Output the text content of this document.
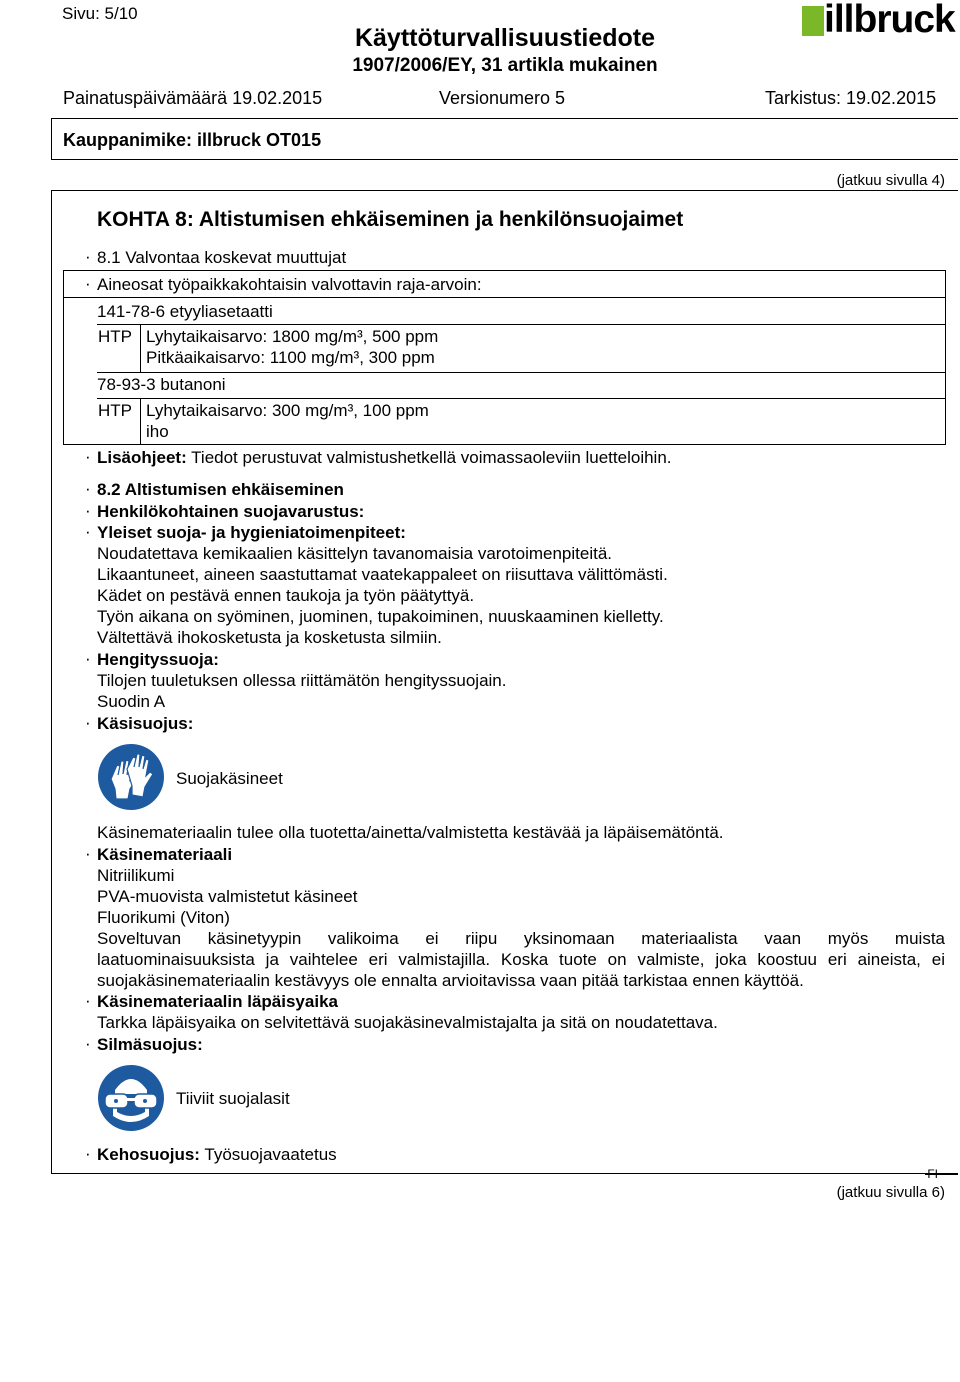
Sivu: 5/10
Käyttöturvallisuustiedote
1907/2006/EY, 31 artikla mukainen
illbruck
Painatuspäivämäärä 19.02.2015	Versionumero 5	Tarkistus: 19.02.2015
Kauppanimike: illbruck OT015
(jatkuu sivulla 4)
KOHTA 8: Altistumisen ehkäiseminen ja henkilönsuojaimet
· 8.1 Valvontaa koskevat muuttujat
· Aineosat työpaikkakohtaisin valvottavin raja-arvoin:
141-78-6 etyyliasetaatti
HTP Lyhytaikaisarvo: 1800 mg/m³, 500 ppm
Pitkäaikaisarvo: 1100 mg/m³, 300 ppm
78-93-3 butanoni
HTP Lyhytaikaisarvo: 300 mg/m³, 100 ppm
iho
· Lisäohjeet: Tiedot perustuvat valmistushetkellä voimassaoleviin luetteloihin.
· 8.2 Altistumisen ehkäiseminen
· Henkilökohtainen suojavarustus:
· Yleiset suoja- ja hygieniatoimenpiteet:
Noudatettava kemikaalien käsittelyn tavanomaisia varotoimenpiteitä.
Likaantuneet, aineen saastuttamat vaatekappaleet on riisuttava välittömästi.
Kädet on pestävä ennen taukoja ja työn päätyttyä.
Työn aikana on syöminen, juominen, tupakoiminen, nuuskaaminen kielletty.
Vältettävä ihokosketusta ja kosketusta silmiin.
· Hengityssuoja:
Tilojen tuuletuksen ollessa riittämätön hengityssuojain.
Suodin A
· Käsisuojus:
Suojakäsineet
Käsinemateriaalin tulee olla tuotetta/ainetta/valmistetta kestävää ja läpäisemätöntä.
· Käsinemateriaali
Nitriilikumi
PVA-muovista valmistetut käsineet
Fluorikumi (Viton)
Soveltuvan käsinetyypin valikoima ei riipu yksinomaan materiaalista vaan myös muista
laatuominaisuuksista ja vaihtelee eri valmistajilla. Koska tuote on valmiste, joka koostuu eri aineista, ei
suojakäsinemateriaalin kestävyys ole ennalta arvioitavissa vaan pitää tarkistaa ennen käyttöä.
· Käsinemateriaalin läpäisyaika
Tarkka läpäisyaika on selvitettävä suojakäsinevalmistajalta ja sitä on noudatettava.
· Silmäsuojus:
Tiiviit suojalasit
· Kehosuojus: Työsuojavaatetus
FI
(jatkuu sivulla 6)
